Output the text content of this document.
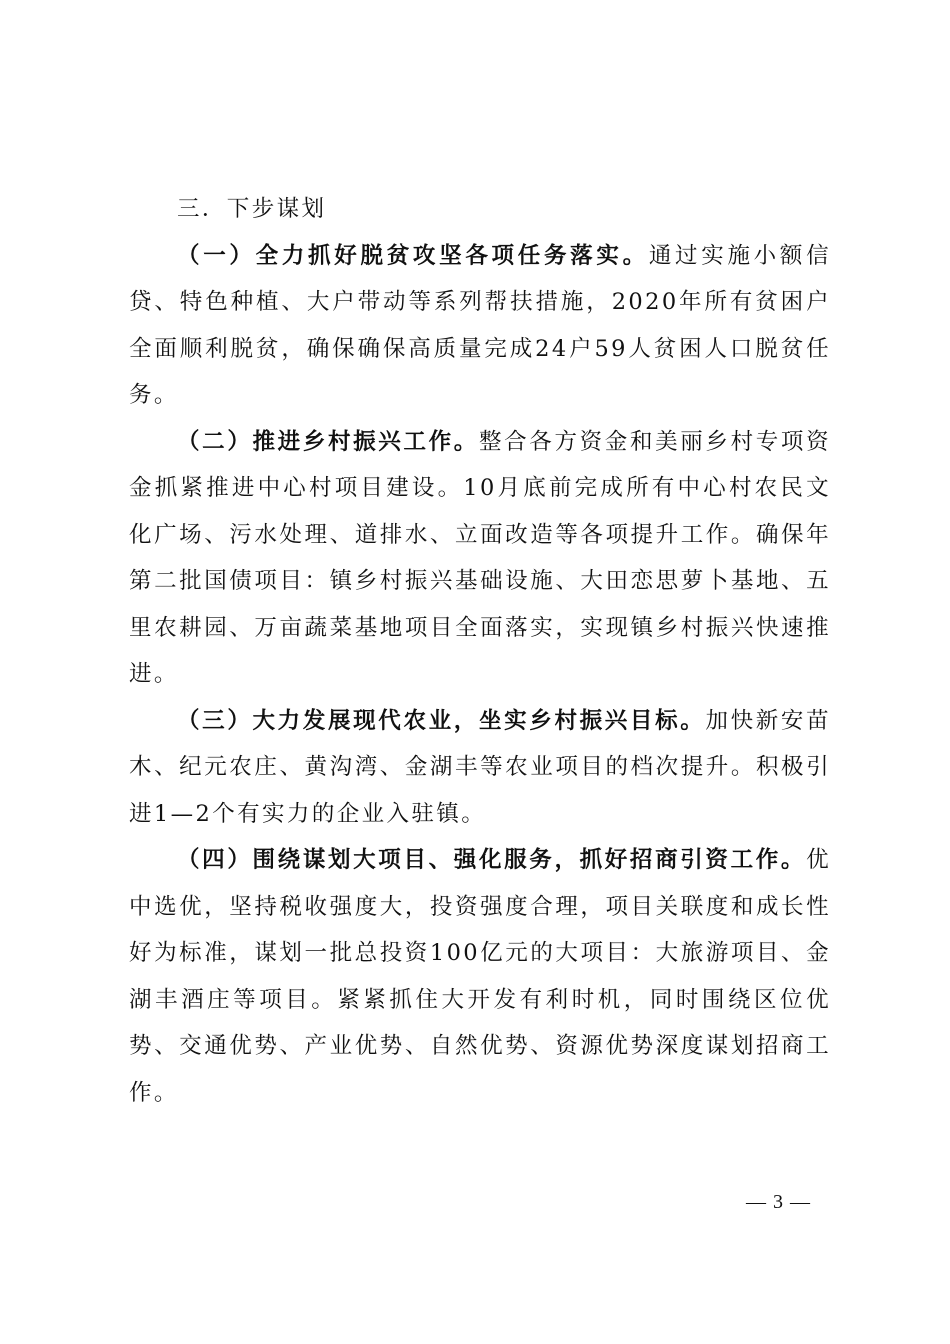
三．下步谋划

（一）全力抓好脱贫攻坚各项任务落实。通过实施小额信贷、特色种植、大户带动等系列帮扶措施，2020年所有贫困户全面顺利脱贫，确保确保高质量完成24户59人贫困人口脱贫任务。

（二）推进乡村振兴工作。整合各方资金和美丽乡村专项资金抓紧推进中心村项目建设。10月底前完成所有中心村农民文化广场、污水处理、道排水、立面改造等各项提升工作。确保年第二批国债项目：镇乡村振兴基础设施、大田恋思萝卜基地、五里农耕园、万亩蔬菜基地项目全面落实，实现镇乡村振兴快速推进。

（三）大力发展现代农业，坐实乡村振兴目标。加快新安苗木、纪元农庄、黄沟湾、金湖丰等农业项目的档次提升。积极引进1—2个有实力的企业入驻镇。

（四）围绕谋划大项目、强化服务，抓好招商引资工作。优中选优，坚持税收强度大，投资强度合理，项目关联度和成长性好为标准，谋划一批总投资100亿元的大项目：大旅游项目、金湖丰酒庄等项目。紧紧抓住大开发有利时机，同时围绕区位优势、交通优势、产业优势、自然优势、资源优势深度谋划招商工作。

— 3 —
